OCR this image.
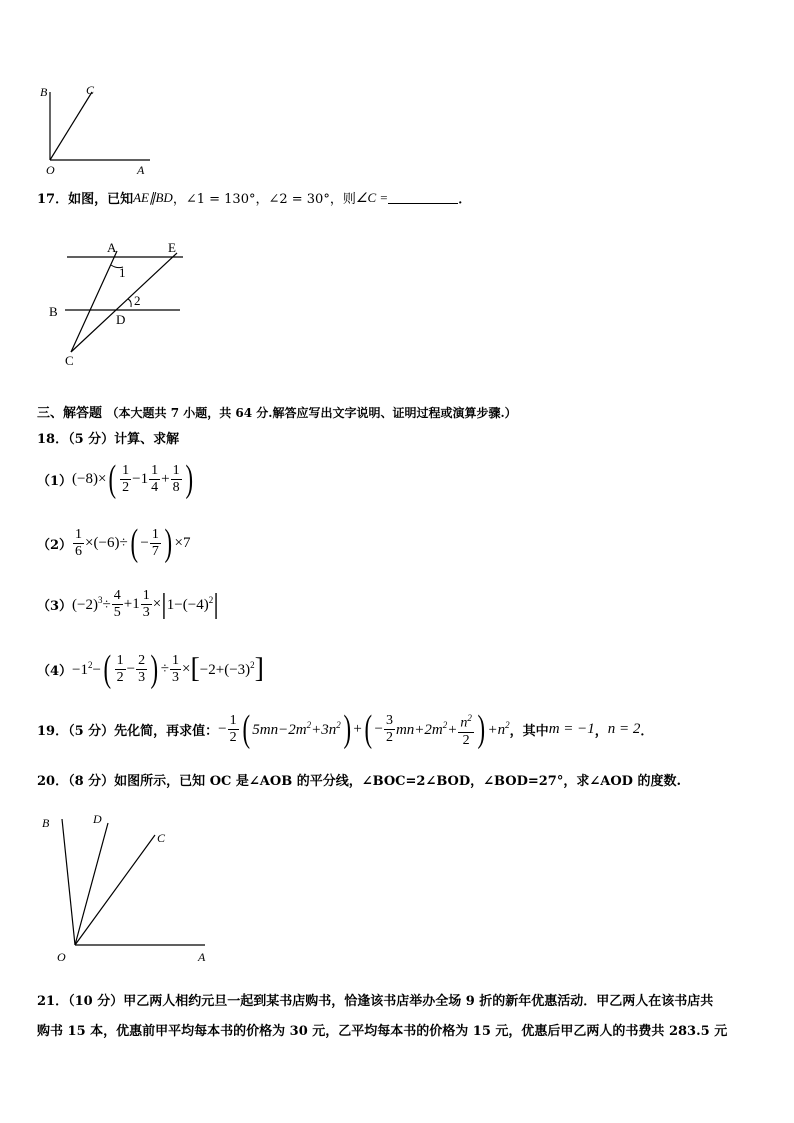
B	C
O	A
17． 如图，已知 AE∥BD ，∠1 = 130°，∠2 = 30°，则 ∠C =	．
A	E
1
2
B
D
C
三、解答题 （本大题共 7 小题，共 64 分.解答应写出文字说明、证明过程或演算步骤.）
18．（5 分）计算、求解
（1） (−8)× ( $\frac{1}{2} -1 \frac{1}{4} + \frac{1}{8}$ )
$(2) \frac{1}{6} \times(-6)\div$ ( − $\frac{1}{7}$ ) ×7
（3） $(-2)^3\div \frac{4}{5} +1 \frac{1}{3}$ × | $1-(-4)^2$ |
$(4) -1^2-$ ( $\frac{1}{2} - \frac{2}{3}$ ) ÷ $\frac{1}{3}$ × [ $-2+(-3)^2$ ]
19．（5 分）先化简，再求值： − $\frac{1}{2}$ ( $5mn-2m^2+3n^2$ ) + ( − $\frac{3}{2} mn+2m^2+ \frac{n^2}{2}$ ) $+n^2$ ，其中 m = −1 ， n = 2 ．
20．（8 分）如图所示，已知 OC 是∠AOB 的平分线，∠BOC=2∠BOD，∠BOD=27°，求∠AOD 的度数.
B	D
C
O	A
21．（10 分）甲乙两人相约元旦一起到某书店购书，恰逢该书店举办全场 9 折的新年优惠活动．甲乙两人在该书店共
购书 15 本，优惠前甲平均每本书的价格为 30 元，乙平均每本书的价格为 15 元，优惠后甲乙两人的书费共 283.5 元
